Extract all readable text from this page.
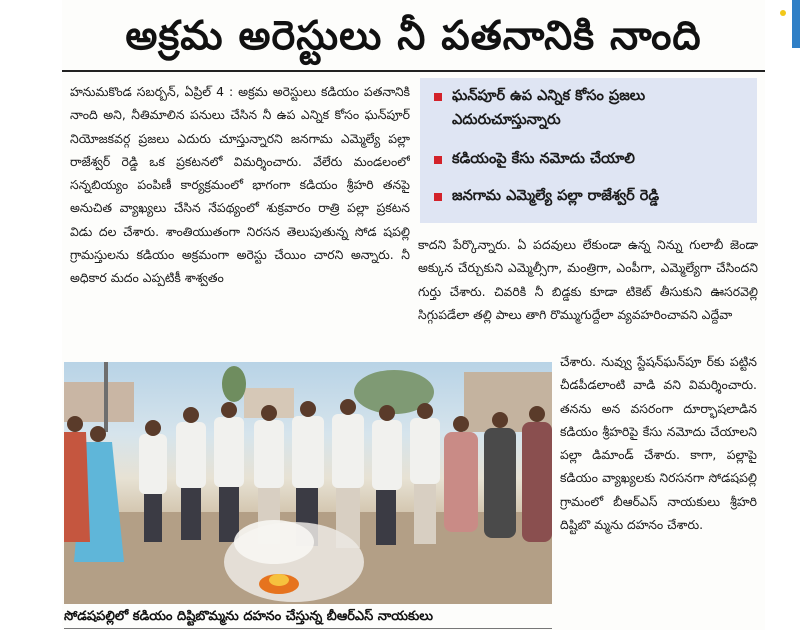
అక్రమ అరెస్టులు నీ పతనానికి నాంది
హనుమకొండ సబర్బన్, ఏప్రిల్ 4 : అక్రమ అరెస్టులు కడియం పతనానికి నాంది అని, నీతిమాలిన పనులు చేసిన నీ ఉప ఎన్నిక కోసం ఘన్‌పూర్ నియోజకవర్గ ప్రజలు ఎదురు చూస్తున్నారని జనగామ ఎమ్మెల్యే పల్లా రాజేశ్వర్ రెడ్డి ఒక ప్రకటనలో విమర్శించారు. వేలేరు మండలంలో సన్నబియ్యం పంపిణీ కార్యక్రమంలో భాగంగా కడియం శ్రీహరి తనపై అనుచిత వ్యాఖ్యలు చేసిన నేపథ్యంలో శుక్రవారం రాత్రి పల్లా ప్రకటన విడు దల చేశారు. శాంతియుతంగా నిరసన తెలుపుతున్న సోడ షపల్లి గ్రామస్తులను కడియం అక్రమంగా అరెస్టు చేయిం చారని అన్నారు. నీ అధికార మదం ఎప్పటికీ శాశ్వతం
ఘన్‌పూర్ ఉప ఎన్నిక కోసం ప్రజలు ఎదురుచూస్తున్నారు
కడియంపై కేసు నమోదు చేయాలి
జనగామ ఎమ్మెల్యే పల్లా రాజేశ్వర్ రెడ్డి
కాదని పేర్కొన్నారు. ఏ పదవులు లేకుండా ఉన్న నిన్ను గులాబీ జెండా అక్కున చేర్చుకుని ఎమ్మెల్సీగా, మంత్రిగా, ఎంపీగా, ఎమ్మెల్యేగా చేసిందని గుర్తు చేశారు. చివరికి నీ బిడ్డకు కూడా టికెట్ తీసుకుని ఊసరవెల్లి సిగ్గుపడేలా తల్లి పాలు తాగి రొమ్ముగుద్దేలా వ్యవహరించావని ఎద్దేవా
చేశారు. నువ్వు స్టేషన్‌ఘన్‌పూ ర్‌కు పట్టిన చీడపీడలాంటి వాడి వని విమర్శించారు. తనను అన వసరంగా దూర్భాషలాడిన కడియం శ్రీహరిపై కేసు నమోదు చేయాలని పల్లా డిమాండ్ చేశారు. కాగా, పల్లాపై కడియం వ్యాఖ్యలకు నిరసనగా సోడషపల్లి గ్రామంలో బీఆర్ఎస్ నాయకులు శ్రీహరి దిష్టిబొ మ్మను దహనం చేశారు.
సోడషపల్లిలో కడియం దిష్టిబొమ్మను దహనం చేస్తున్న బీఆర్ఎస్ నాయకులు
